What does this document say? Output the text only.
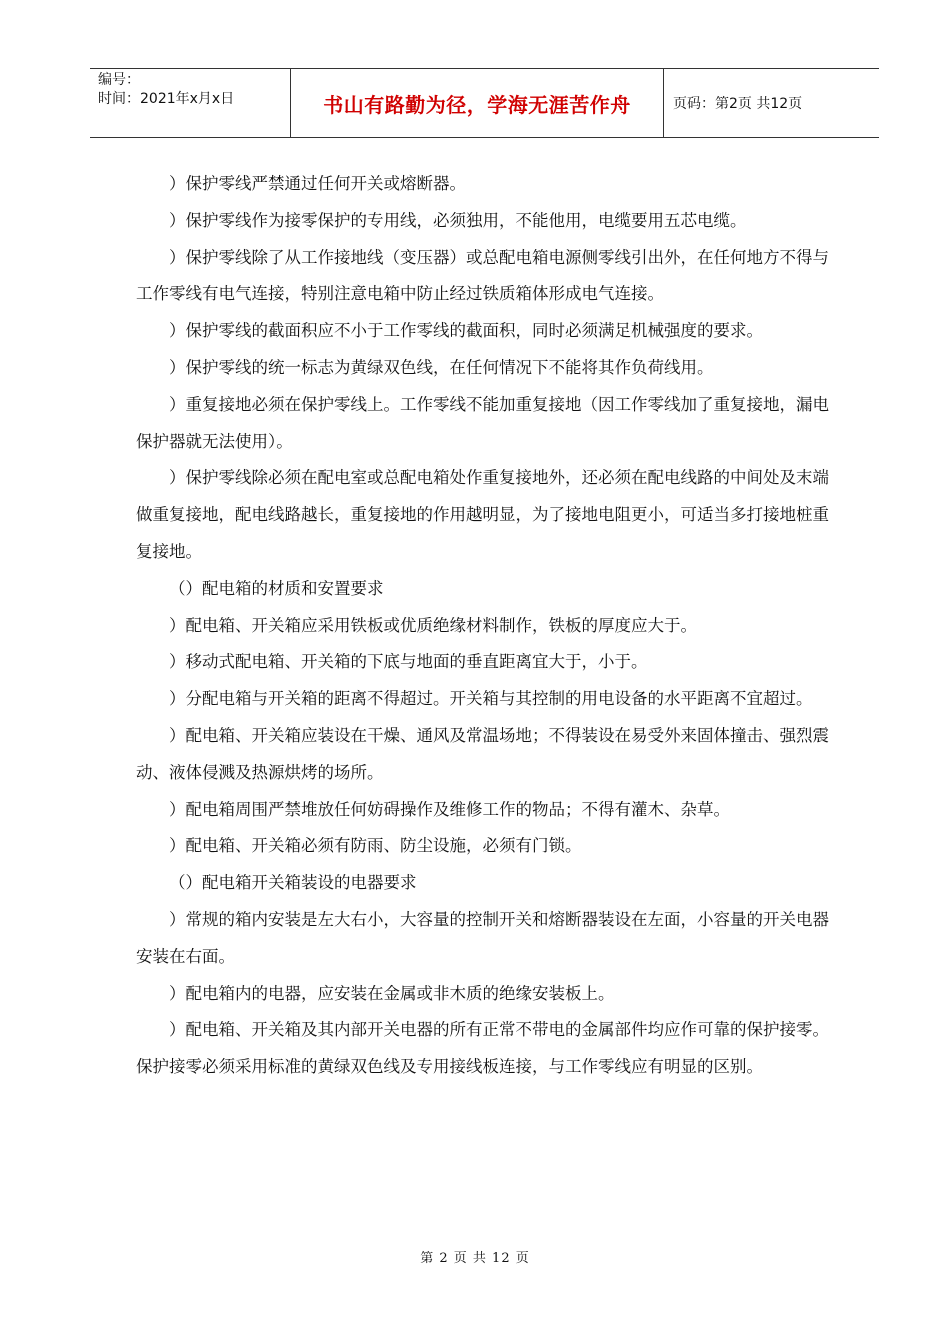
编号：
时间：2021年x月x日	书山有路勤为径，学海无涯苦作舟	页码：第2页 共12页

）保护零线严禁通过任何开关或熔断器。

）保护零线作为接零保护的专用线，必须独用，不能他用，电缆要用五芯电缆。

）保护零线除了从工作接地线（变压器）或总配电箱电源侧零线引出外，在任何地方不得与工作零线有电气连接，特别注意电箱中防止经过铁质箱体形成电气连接。

）保护零线的截面积应不小于工作零线的截面积，同时必须满足机械强度的要求。

）保护零线的统一标志为黄绿双色线，在任何情况下不能将其作负荷线用。

）重复接地必须在保护零线上。工作零线不能加重复接地（因工作零线加了重复接地，漏电保护器就无法使用）。

）保护零线除必须在配电室或总配电箱处作重复接地外，还必须在配电线路的中间处及末端做重复接地，配电线路越长，重复接地的作用越明显，为了接地电阻更小，可适当多打接地桩重复接地。

（）配电箱的材质和安置要求

）配电箱、开关箱应采用铁板或优质绝缘材料制作，铁板的厚度应大于。

）移动式配电箱、开关箱的下底与地面的垂直距离宜大于，小于。

）分配电箱与开关箱的距离不得超过。开关箱与其控制的用电设备的水平距离不宜超过。

）配电箱、开关箱应装设在干燥、通风及常温场地；不得装设在易受外来固体撞击、强烈震动、液体侵溅及热源烘烤的场所。

）配电箱周围严禁堆放任何妨碍操作及维修工作的物品；不得有灌木、杂草。

）配电箱、开关箱必须有防雨、防尘设施，必须有门锁。

（）配电箱开关箱装设的电器要求

）常规的箱内安装是左大右小，大容量的控制开关和熔断器装设在左面，小容量的开关电器安装在右面。

）配电箱内的电器，应安装在金属或非木质的绝缘安装板上。

）配电箱、开关箱及其内部开关电器的所有正常不带电的金属部件均应作可靠的保护接零。保护接零必须采用标准的黄绿双色线及专用接线板连接，与工作零线应有明显的区别。

第 2 页 共 12 页
